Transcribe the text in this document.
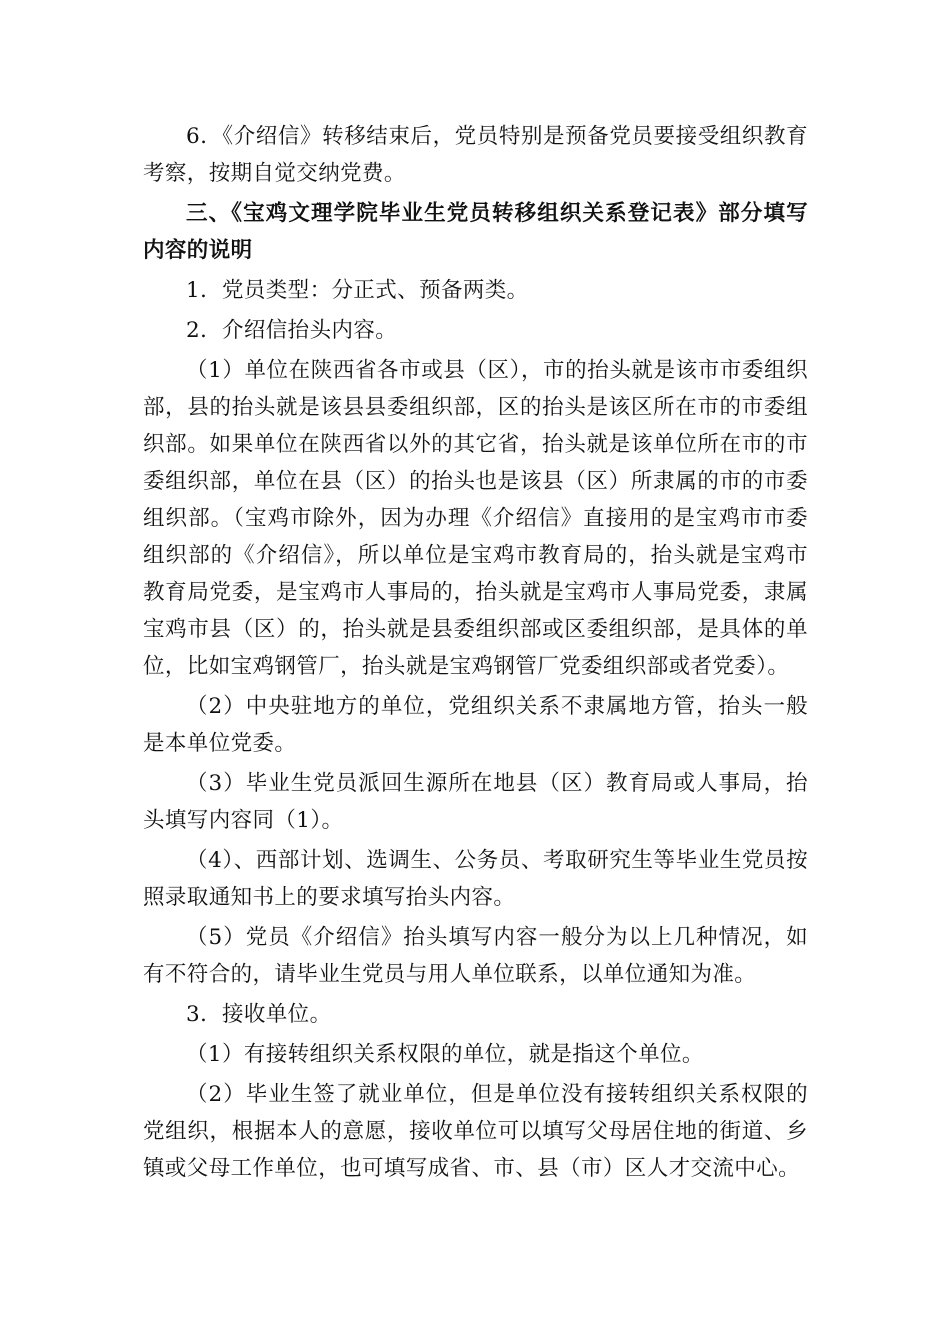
6．《介绍信》转移结束后，党员特别是预备党员要接受组织教育考察，按期自觉交纳党费。

三、《宝鸡文理学院毕业生党员转移组织关系登记表》部分填写内容的说明

1．党员类型：分正式、预备两类。

2．介绍信抬头内容。

（1）单位在陕西省各市或县（区），市的抬头就是该市市委组织部，县的抬头就是该县县委组织部，区的抬头是该区所在市的市委组织部。如果单位在陕西省以外的其它省，抬头就是该单位所在市的市委组织部，单位在县（区）的抬头也是该县（区）所隶属的市的市委组织部。（宝鸡市除外，因为办理《介绍信》直接用的是宝鸡市市委组织部的《介绍信》，所以单位是宝鸡市教育局的，抬头就是宝鸡市教育局党委，是宝鸡市人事局的，抬头就是宝鸡市人事局党委，隶属宝鸡市县（区）的，抬头就是县委组织部或区委组织部，是具体的单位，比如宝鸡钢管厂，抬头就是宝鸡钢管厂党委组织部或者党委）。

（2）中央驻地方的单位，党组织关系不隶属地方管，抬头一般是本单位党委。

（3）毕业生党员派回生源所在地县（区）教育局或人事局，抬头填写内容同（1）。

（4）、西部计划、选调生、公务员、考取研究生等毕业生党员按照录取通知书上的要求填写抬头内容。

（5）党员《介绍信》抬头填写内容一般分为以上几种情况，如有不符合的，请毕业生党员与用人单位联系，以单位通知为准。

3．接收单位。

（1）有接转组织关系权限的单位，就是指这个单位。

（2）毕业生签了就业单位，但是单位没有接转组织关系权限的党组织，根据本人的意愿，接收单位可以填写父母居住地的街道、乡镇或父母工作单位，也可填写成省、市、县（市）区人才交流中心。
